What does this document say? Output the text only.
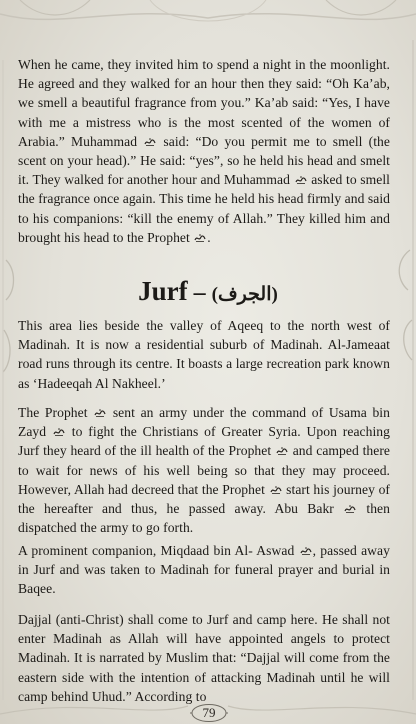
When he came, they invited him to spend a night in the moonlight. He agreed and they walked for an hour then they said: “Oh Ka’ab, we smell a beautiful fragrance from you.” Ka’ab said: “Yes, I have with me a mistress who is the most scented of the women of Arabia.” Muhammad  said: “Do you permit me to smell (the scent on your head).” He said: “yes”, so he held his head and smelt it. They walked for another hour and Muhammad  asked to smell the fragrance once again. This time he held his head firmly and said to his companions: “kill the enemy of Allah.” They killed him and brought his head to the Prophet .

Jurf – (الجرف)

This area lies beside the valley of Aqeeq to the north west of Madinah. It is now a residential suburb of Madinah. Al-Jameaat road runs through its centre. It boasts a large recreation park known as ‘Hadeeqah Al Nakheel.’

The Prophet  sent an army under the command of Usama bin Zayd  to fight the Christians of Greater Syria. Upon reaching Jurf they heard of the ill health of the Prophet  and camped there to wait for news of his well being so that they may proceed. However, Allah had decreed that the Prophet  start his journey of the hereafter and thus, he passed away. Abu Bakr  then dispatched the army to go forth.

A prominent companion, Miqdaad bin Al- Aswad , passed away in Jurf and was taken to Madinah for funeral prayer and burial in Baqee.

Dajjal (anti-Christ) shall come to Jurf and camp here. He shall not enter Madinah as Allah will have appointed angels to protect Madinah. It is narrated by Muslim that: “Dajjal will come from the eastern side with the intention of attacking Madinah until he will camp behind Uhud.” According to

79
